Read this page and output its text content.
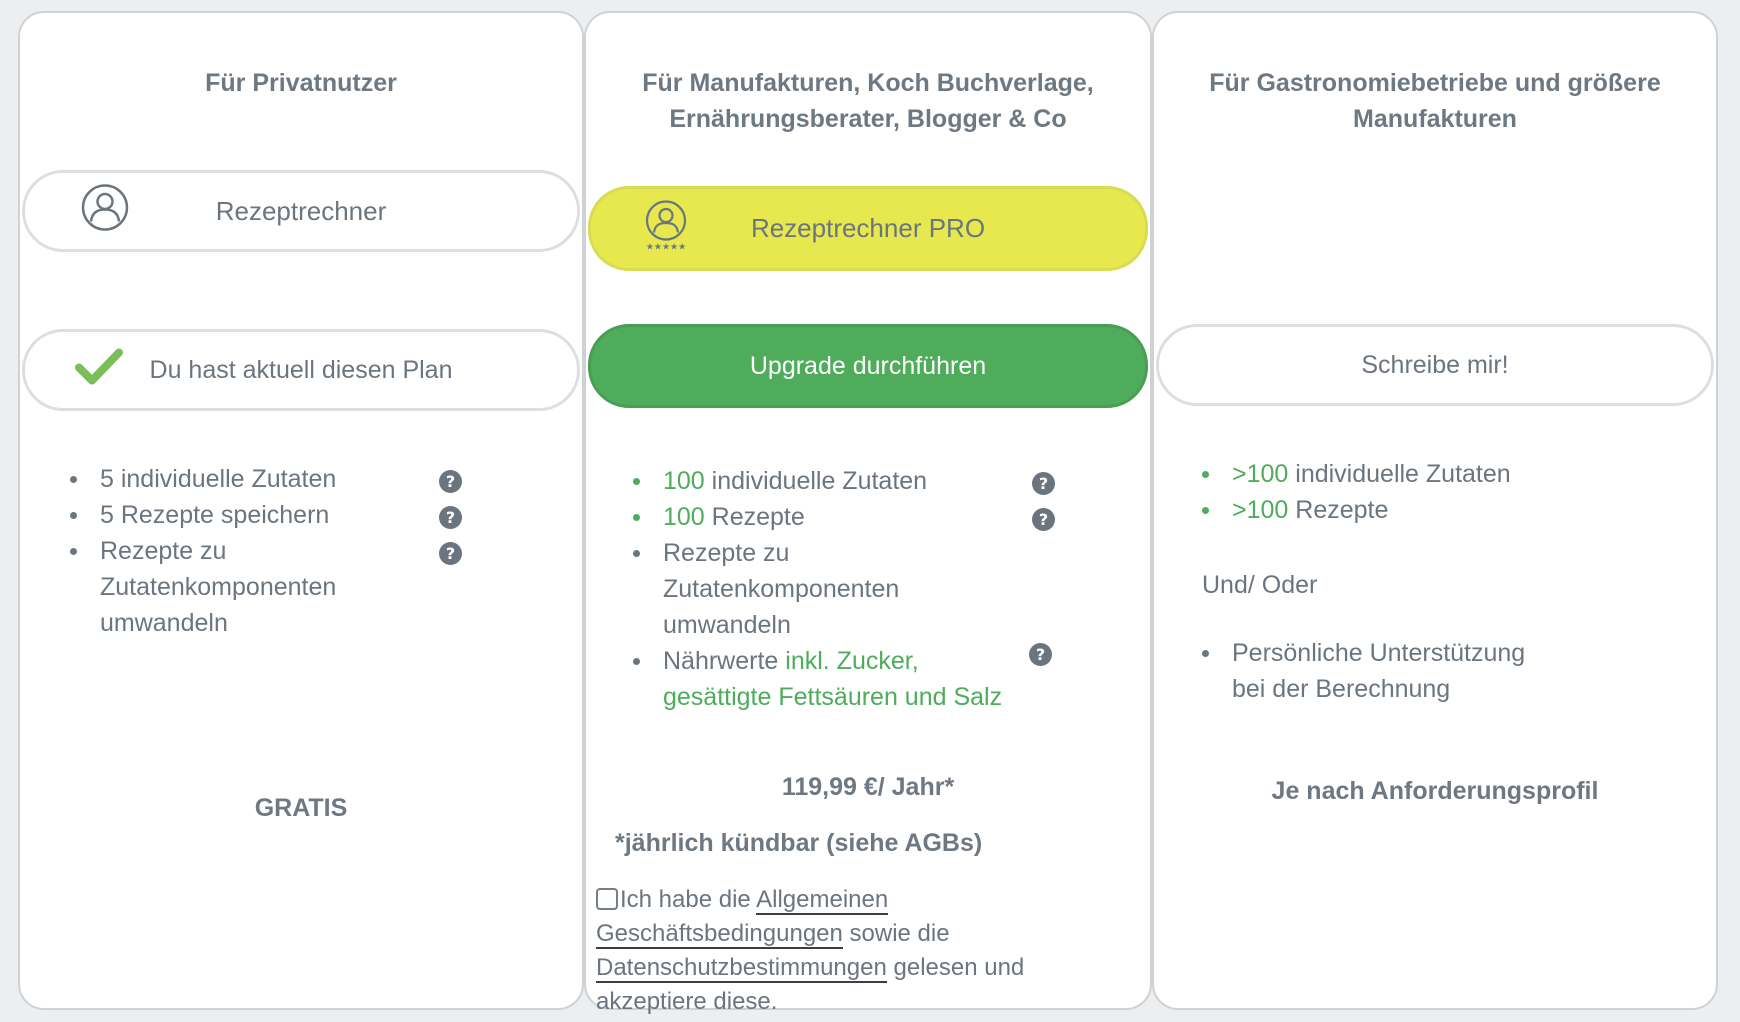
Für Privatnutzer
Rezeptrechner
Du hast aktuell diesen Plan
5 individuelle Zutaten
5 Rezepte speichern
Rezepte zu Zutatenkomponenten umwandeln
?
?
?
GRATIS
Für Manufakturen, Koch Buchverlage, Ernährungsberater, Blogger & Co
★★★★★
Rezeptrechner PRO
Upgrade durchführen
100 individuelle Zutaten
100 Rezepte
Rezepte zu Zutatenkomponenten umwandeln
Nährwerte inkl. Zucker, gesättigte Fettsäuren und Salz
?
?
?
119,99 €/ Jahr*
*jährlich kündbar (siehe AGBs)
Ich habe die Allgemeinen Geschäftsbedingungen sowie die Datenschutzbestimmungen gelesen und akzeptiere diese.
Für Gastronomiebetriebe und größere Manufakturen
Schreibe mir!
>100 individuelle Zutaten
>100 Rezepte
Und/ Oder
Persönliche Unterstützung bei der Berechnung
Je nach Anforderungsprofil
